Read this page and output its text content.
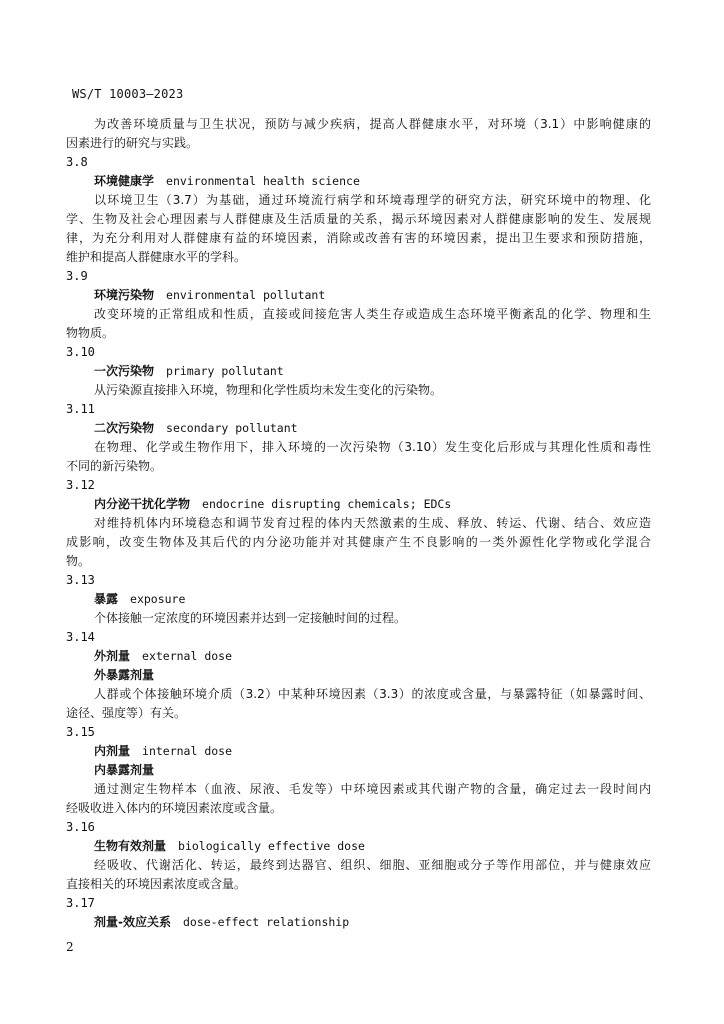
WS/T 10003—2023
为改善环境质量与卫生状况，预防与减少疾病，提高人群健康水平，对环境（3.1）中影响健康的
因素进行的研究与实践。
3.8
环境健康学 environmental health science
以环境卫生（3.7）为基础，通过环境流行病学和环境毒理学的研究方法，研究环境中的物理、化
学、生物及社会心理因素与人群健康及生活质量的关系，揭示环境因素对人群健康影响的发生、发展规
律，为充分利用对人群健康有益的环境因素，消除或改善有害的环境因素，提出卫生要求和预防措施，
维护和提高人群健康水平的学科。
3.9
环境污染物 environmental pollutant
改变环境的正常组成和性质，直接或间接危害人类生存或造成生态环境平衡紊乱的化学、物理和生
物物质。
3.10
一次污染物 primary pollutant
从污染源直接排入环境，物理和化学性质均未发生变化的污染物。
3.11
二次污染物 secondary pollutant
在物理、化学或生物作用下，排入环境的一次污染物（3.10）发生变化后形成与其理化性质和毒性
不同的新污染物。
3.12
内分泌干扰化学物 endocrine disrupting chemicals; EDCs
对维持机体内环境稳态和调节发育过程的体内天然激素的生成、释放、转运、代谢、结合、效应造
成影响，改变生物体及其后代的内分泌功能并对其健康产生不良影响的一类外源性化学物或化学混合
物。
3.13
暴露 exposure
个体接触一定浓度的环境因素并达到一定接触时间的过程。
3.14
外剂量 external dose
外暴露剂量
人群或个体接触环境介质（3.2）中某种环境因素（3.3）的浓度或含量，与暴露特征（如暴露时间、
途径、强度等）有关。
3.15
内剂量 internal dose
内暴露剂量
通过测定生物样本（血液、尿液、毛发等）中环境因素或其代谢产物的含量，确定过去一段时间内
经吸收进入体内的环境因素浓度或含量。
3.16
生物有效剂量 biologically effective dose
经吸收、代谢活化、转运，最终到达器官、组织、细胞、亚细胞或分子等作用部位，并与健康效应
直接相关的环境因素浓度或含量。
3.17
剂量-效应关系 dose-effect relationship
2
